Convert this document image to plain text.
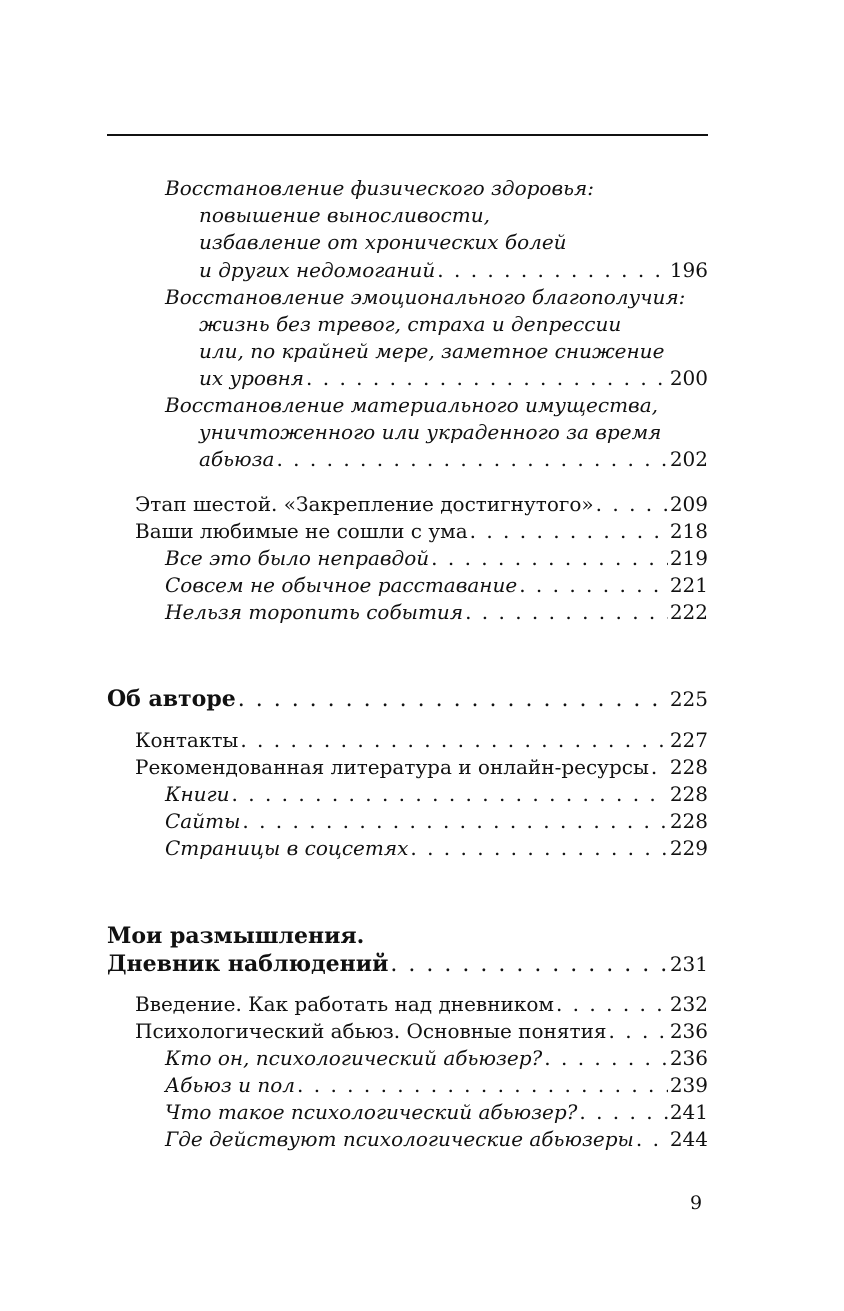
Восстановление физического здоровья:
повышение выносливости,
избавление от хронических болей
и других недомоганий . . .	196
Восстановление эмоционального благополучия:
жизнь без тревог, страха и депрессии
или, по крайней мере, заметное снижение
их уровня . . .	200
Восстановление материального имущества,
уничтоженного или украденного за время
абьюза . . .	202
Этап шестой. «Закрепление достигнутого» . . .	209
Ваши любимые не сошли с ума . . .	218
Все это было неправдой . . .	219
Совсем не обычное расставание . . .	221
Нельзя торопить события . . .	222
Об авторе . . .	225
Контакты . . .	227
Рекомендованная литература и онлайн-ресурсы . . . 228
Книги . . .	228
Сайты . . .	228
Страницы в соцсетях . . .	229
Мои размышления.
Дневник наблюдений . . .	231
Введение. Как работать над дневником . . .	232
Психологический абьюз. Основные понятия . . .	236
Кто он, психологический абьюзер? . . .	236
Абьюз и пол . . .	239
Что такое психологический абьюзер? . . .	241
Где действуют психологические абьюзеры . . . 244
9
